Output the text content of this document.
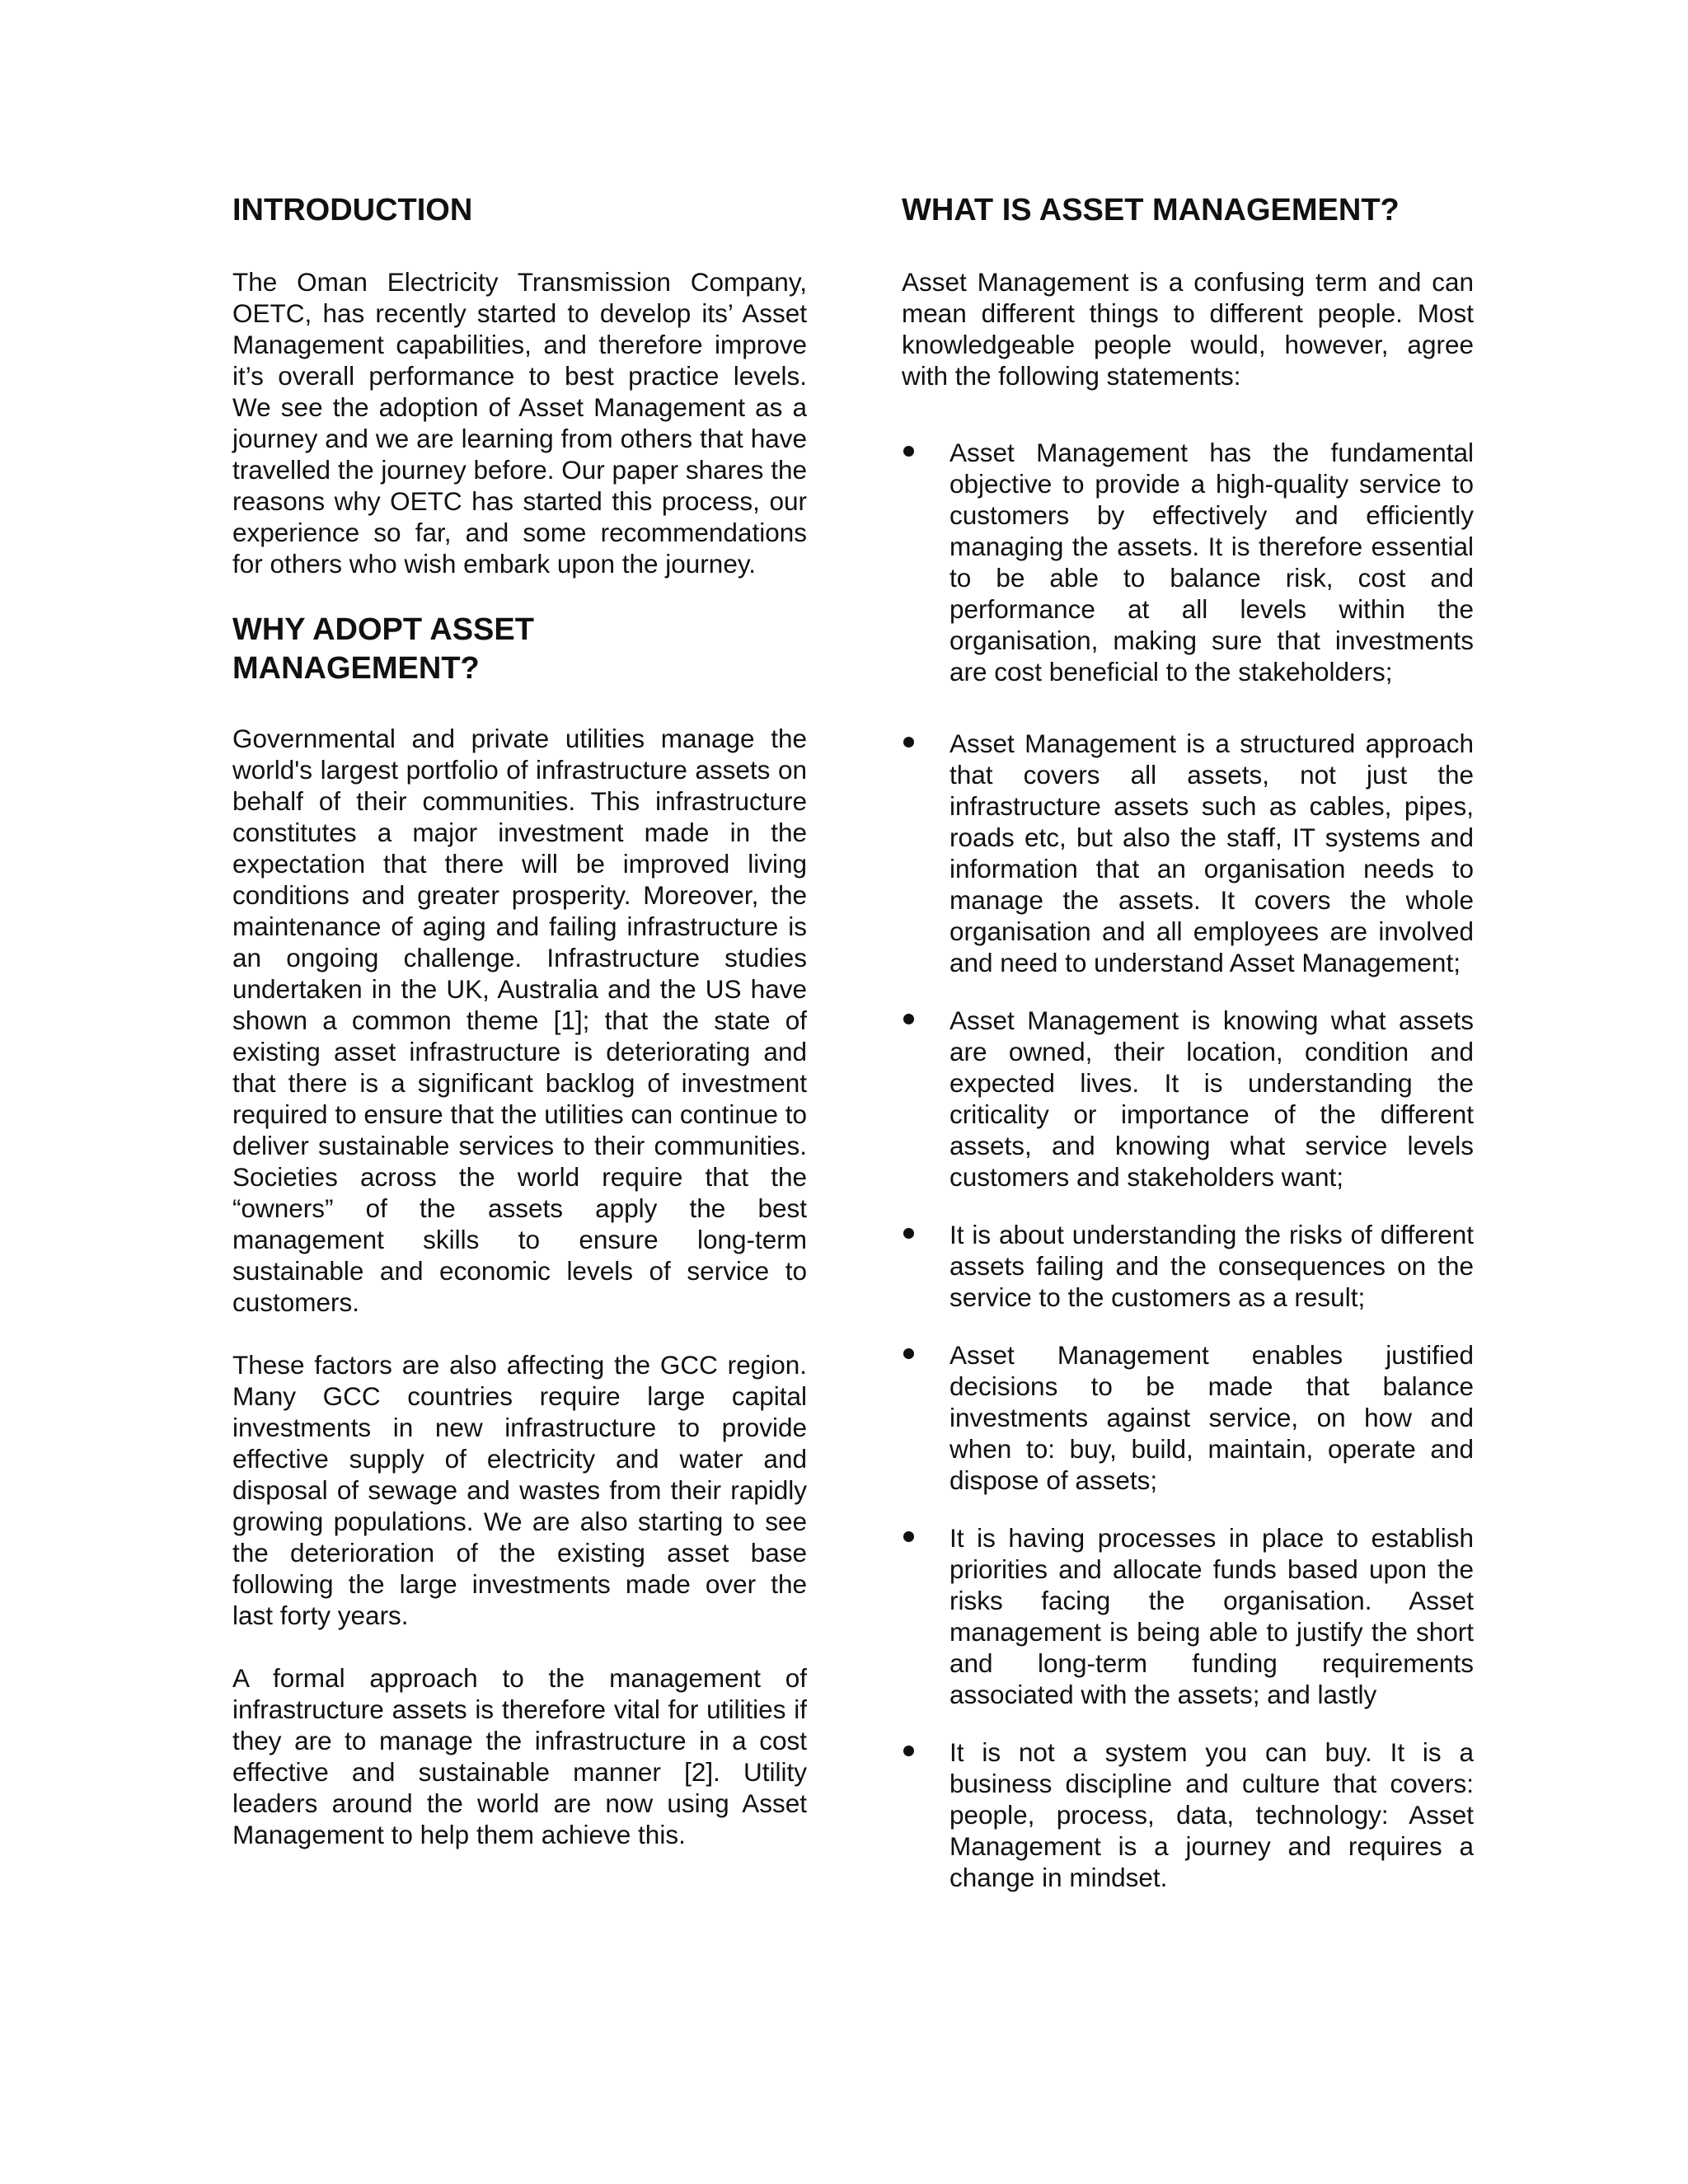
INTRODUCTION

The Oman Electricity Transmission Company, OETC, has recently started to develop its’ Asset Management capabilities, and therefore improve it’s overall performance to best practice levels. We see the adoption of Asset Management as a journey and we are learning from others that have travelled the journey before. Our paper shares the reasons why OETC has started this process, our experience so far, and some recommendations for others who wish embark upon the journey.

WHY ADOPT ASSET MANAGEMENT?

Governmental and private utilities manage the world's largest portfolio of infrastructure assets on behalf of their communities. This infrastructure constitutes a major investment made in the expectation that there will be improved living conditions and greater prosperity. Moreover, the maintenance of aging and failing infrastructure is an ongoing challenge. Infrastructure studies undertaken in the UK, Australia and the US have shown a common theme [1]; that the state of existing asset infrastructure is deteriorating and that there is a significant backlog of investment required to ensure that the utilities can continue to deliver sustainable services to their communities. Societies across the world require that the “owners” of the assets apply the best management skills to ensure long-term sustainable and economic levels of service to customers.

These factors are also affecting the GCC region. Many GCC countries require large capital investments in new infrastructure to provide effective supply of electricity and water and disposal of sewage and wastes from their rapidly growing populations. We are also starting to see the deterioration of the existing asset base following the large investments made over the last forty years.

A formal approach to the management of infrastructure assets is therefore vital for utilities if they are to manage the infrastructure in a cost effective and sustainable manner [2]. Utility leaders around the world are now using Asset Management to help them achieve this.

WHAT IS ASSET MANAGEMENT?

Asset Management is a confusing term and can mean different things to different people. Most knowledgeable people would, however, agree with the following statements:

Asset Management has the fundamental objective to provide a high-quality service to customers by effectively and efficiently managing the assets. It is therefore essential to be able to balance risk, cost and performance at all levels within the organisation, making sure that investments are cost beneficial to the stakeholders;
Asset Management is a structured approach that covers all assets, not just the infrastructure assets such as cables, pipes, roads etc, but also the staff, IT systems and information that an organisation needs to manage the assets. It covers the whole organisation and all employees are involved and need to understand Asset Management;
Asset Management is knowing what assets are owned, their location, condition and expected lives. It is understanding the criticality or importance of the different assets, and knowing what service levels customers and stakeholders want;
It is about understanding the risks of different assets failing and the consequences on the service to the customers as a result;
Asset Management enables justified decisions to be made that balance investments against service, on how and when to: buy, build, maintain, operate and dispose of assets;
It is having processes in place to establish priorities and allocate funds based upon the risks facing the organisation. Asset management is being able to justify the short and long-term funding requirements associated with the assets; and lastly
It is not a system you can buy. It is a business discipline and culture that covers: people, process, data, technology: Asset Management is a journey and requires a change in mindset.
